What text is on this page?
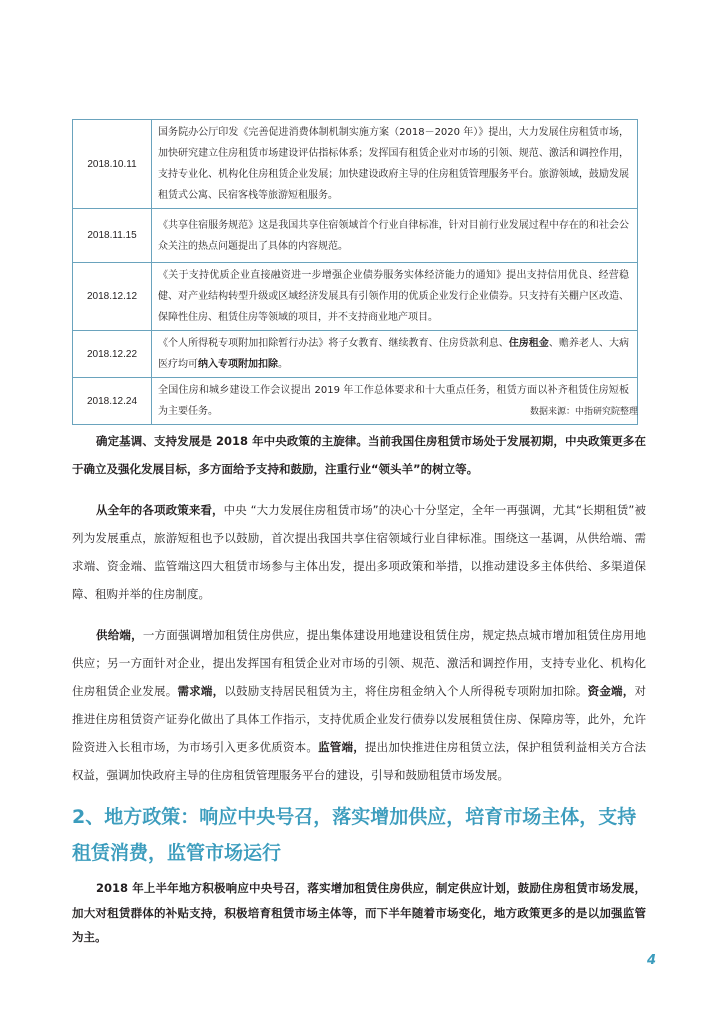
2018.10.11	国务院办公厅印发《完善促进消费体制机制实施方案（2018－2020 年）》提出，大力发展住房租赁市场，加快研究建立住房租赁市场建设评估指标体系；发挥国有租赁企业对市场的引领、规范、激活和调控作用，支持专业化、机构化住房租赁企业发展；加快建设政府主导的住房租赁管理服务平台。旅游领域，鼓励发展租赁式公寓、民宿客栈等旅游短租服务。
2018.11.15	《共享住宿服务规范》这是我国共享住宿领域首个行业自律标准，针对目前行业发展过程中存在的和社会公众关注的热点问题提出了具体的内容规范。
2018.12.12	《关于支持优质企业直接融资进一步增强企业债券服务实体经济能力的通知》提出支持信用优良、经营稳健、对产业结构转型升级或区域经济发展具有引领作用的优质企业发行企业债券。只支持有关棚户区改造、保障性住房、租赁住房等领域的项目，并不支持商业地产项目。
2018.12.22	《个人所得税专项附加扣除暂行办法》将子女教育、继续教育、住房贷款利息、住房租金、赡养老人、大病医疗均可纳入专项附加扣除。
2018.12.24	全国住房和城乡建设工作会议提出 2019 年工作总体要求和十大重点任务，租赁方面以补齐租赁住房短板为主要任务。	数据来源：中指研究院整理

确定基调、支持发展是 2018 年中央政策的主旋律。当前我国住房租赁市场处于发展初期，中央政策更多在于确立及强化发展目标，多方面给予支持和鼓励，注重行业“领头羊”的树立等。

从全年的各项政策来看，中央 “大力发展住房租赁市场”的决心十分坚定，全年一再强调，尤其“长期租赁”被列为发展重点，旅游短租也予以鼓励，首次提出我国共享住宿领域行业自律标准。围绕这一基调，从供给端、需求端、资金端、监管端这四大租赁市场参与主体出发，提出多项政策和举措，以推动建设多主体供给、多渠道保障、租购并举的住房制度。

供给端，一方面强调增加租赁住房供应，提出集体建设用地建设租赁住房，规定热点城市增加租赁住房用地供应；另一方面针对企业，提出发挥国有租赁企业对市场的引领、规范、激活和调控作用，支持专业化、机构化住房租赁企业发展。需求端，以鼓励支持居民租赁为主，将住房租金纳入个人所得税专项附加扣除。资金端，对推进住房租赁资产证券化做出了具体工作指示，支持优质企业发行债券以发展租赁住房、保障房等，此外，允许险资进入长租市场，为市场引入更多优质资本。监管端，提出加快推进住房租赁立法，保护租赁利益相关方合法权益，强调加快政府主导的住房租赁管理服务平台的建设，引导和鼓励租赁市场发展。

2、地方政策：响应中央号召，落实增加供应，培育市场主体，支持租赁消费，监管市场运行

2018 年上半年地方积极响应中央号召，落实增加租赁住房供应，制定供应计划，鼓励住房租赁市场发展，加大对租赁群体的补贴支持，积极培育租赁市场主体等，而下半年随着市场变化，地方政策更多的是以加强监管为主。

4
